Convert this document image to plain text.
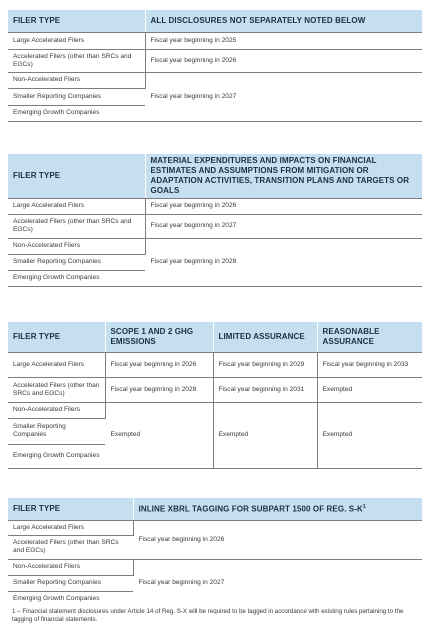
FILER TYPE	ALL DISCLOSURES NOT SEPARATELY NOTED BELOW
Large Accelerated Filers	Fiscal year beginning in 2025
Accelerated Filers (other than SRCs and EGCs)	Fiscal year beginning in 2026
Non-Accelerated Filers	Fiscal year beginning in 2027
Smaller Reporting Companies	
Emerging Growth Companies	
FILER TYPE	MATERIAL EXPENDITURES AND IMPACTS ON FINANCIAL ESTIMATES AND ASSUMPTIONS FROM MITIGATION OR ADAPTATION ACTIVITIES, TRANSITION PLANS AND TARGETS OR GOALS
Large Accelerated Filers	Fiscal year beginning in 2026
Accelerated Filers (other than SRCs and EGCs)	Fiscal year beginning in 2027
Non-Accelerated Filers	Fiscal year beginning in 2028
Smaller Reporting Companies	
Emerging Growth Companies	
FILER TYPE	SCOPE 1 AND 2 GHG EMISSIONS	LIMITED ASSURANCE	REASONABLE ASSURANCE
Large Accelerated Filers	Fiscal year beginning in 2026	Fiscal year beginning in 2029	Fiscal year beginning in 2033
Accelerated Filers (other than SRCs and EGCs)	Fiscal year beginning in 2028	Fiscal year beginning in 2031	Exempted
Non-Accelerated Filers	Exempted	Exempted	Exempted
Smaller Reporting Companies			
Emerging Growth Companies			
FILER TYPE	INLINE XBRL TAGGING FOR SUBPART 1500 OF REG. $S-K^1$
Large Accelerated Filers	Fiscal year beginning in 2026
Accelerated Filers (other than SRCs and EGCs)	
Non-Accelerated Filers	Fiscal year beginning in 2027
Smaller Reporting Companies	
Emerging Growth Companies	
1 – Financial statement disclosures under Article 14 of Reg. S-X will be required to be tagged in accordance with existing rules pertaining to the tagging of financial statements.
